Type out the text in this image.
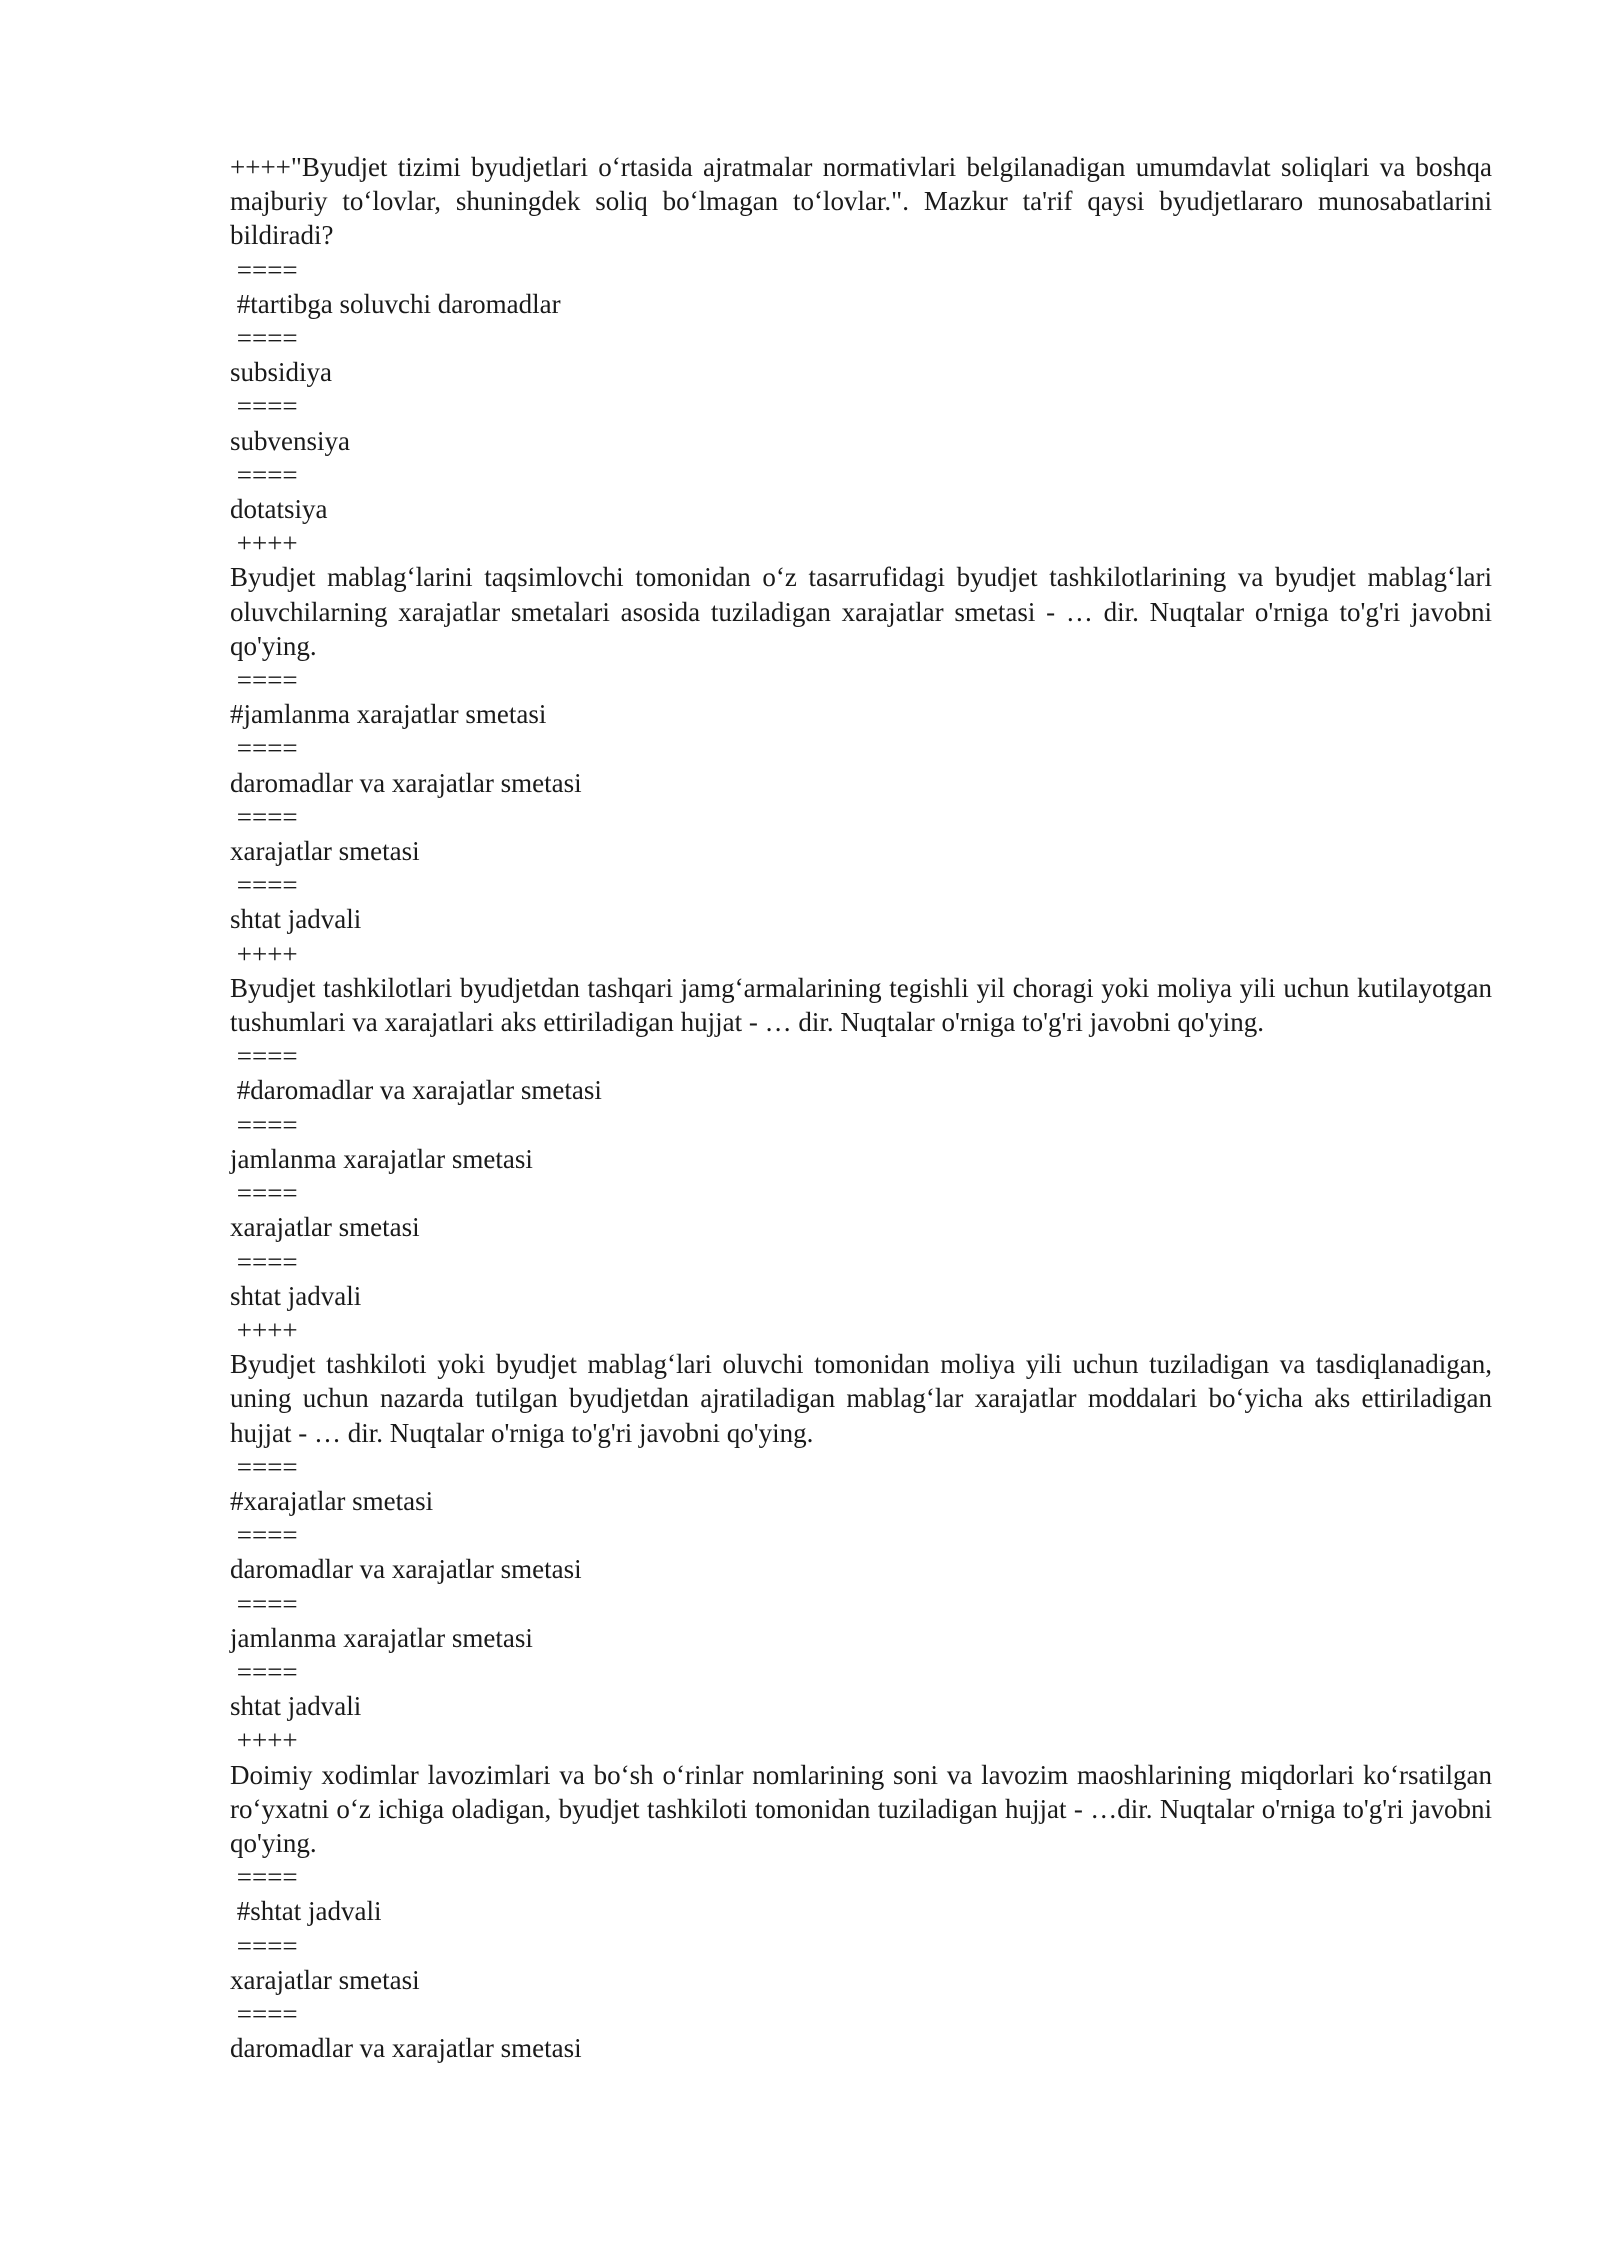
++++"Byudjet tizimi byudjetlari oʻrtasida ajratmalar normativlari belgilanadigan umumdavlat soliqlari va boshqa majburiy toʻlovlar, shuningdek soliq boʻlmagan toʻlovlar.". Mazkur ta'rif qaysi byudjetlararo munosabatlarini bildiradi?
====
#tartibga soluvchi daromadlar
====
subsidiya
====
subvensiya
====
dotatsiya
++++
Byudjet mablagʻlarini taqsimlovchi tomonidan oʻz tasarrufidagi byudjet tashkilotlarining va byudjet mablagʻlari oluvchilarning xarajatlar smetalari asosida tuziladigan xarajatlar smetasi - … dir. Nuqtalar o'rniga to'g'ri javobni qo'ying.
====
#jamlanma xarajatlar smetasi
====
daromadlar va xarajatlar smetasi
====
xarajatlar smetasi
====
shtat jadvali
++++
Byudjet tashkilotlari byudjetdan tashqari jamgʻarmalarining tegishli yil choragi yoki moliya yili uchun kutilayotgan tushumlari va xarajatlari aks ettiriladigan hujjat - … dir. Nuqtalar o'rniga to'g'ri javobni qo'ying.
====
#daromadlar va xarajatlar smetasi
====
jamlanma xarajatlar smetasi
====
xarajatlar smetasi
====
shtat jadvali
++++
Byudjet tashkiloti yoki byudjet mablagʻlari oluvchi tomonidan moliya yili uchun tuziladigan va tasdiqlanadigan, uning uchun nazarda tutilgan byudjetdan ajratiladigan mablagʻlar xarajatlar moddalari boʻyicha aks ettiriladigan hujjat - … dir. Nuqtalar o'rniga to'g'ri javobni qo'ying.
====
#xarajatlar smetasi
====
daromadlar va xarajatlar smetasi
====
jamlanma xarajatlar smetasi
====
shtat jadvali
++++
Doimiy xodimlar lavozimlari va boʻsh oʻrinlar nomlarining soni va lavozim maoshlarining miqdorlari koʻrsatilgan roʻyxatni oʻz ichiga oladigan, byudjet tashkiloti tomonidan tuziladigan hujjat - …dir. Nuqtalar o'rniga to'g'ri javobni qo'ying.
====
#shtat jadvali
====
xarajatlar smetasi
====
daromadlar va xarajatlar smetasi
